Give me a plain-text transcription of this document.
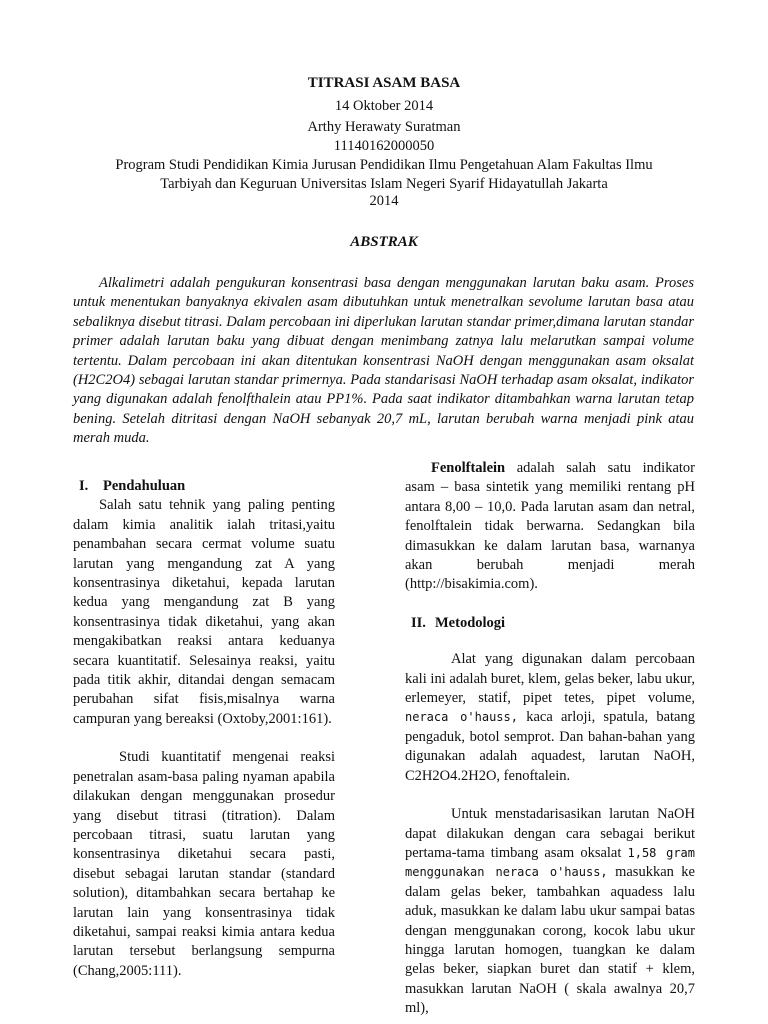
TITRASI ASAM BASA
14 Oktober 2014
Arthy Herawaty Suratman
11140162000050
Program Studi Pendidikan Kimia Jurusan Pendidikan Ilmu Pengetahuan Alam Fakultas Ilmu
Tarbiyah dan Keguruan Universitas Islam Negeri Syarif Hidayatullah Jakarta
2014
ABSTRAK

Alkalimetri adalah pengukuran konsentrasi basa dengan menggunakan larutan baku asam. Proses untuk menentukan banyaknya ekivalen asam dibutuhkan untuk menetralkan sevolume larutan basa atau sebaliknya disebut titrasi. Dalam percobaan ini diperlukan larutan standar primer,dimana larutan standar primer adalah larutan baku yang dibuat dengan menimbang zatnya lalu melarutkan sampai volume tertentu. Dalam percobaan ini akan ditentukan konsentrasi NaOH dengan menggunakan asam oksalat (H2C2O4) sebagai larutan standar primernya. Pada standarisasi NaOH terhadap asam oksalat, indikator yang digunakan adalah fenolfthalein atau PP1%. Pada saat indikator ditambahkan warna larutan tetap bening. Setelah ditritasi dengan NaOH sebanyak 20,7 mL, larutan berubah warna menjadi pink atau merah muda.

I. Pendahuluan

Salah satu tehnik yang paling penting dalam kimia analitik ialah tritasi,yaitu penambahan secara cermat volume suatu larutan yang mengandung zat A yang konsentrasinya diketahui, kepada larutan kedua yang mengandung zat B yang konsentrasinya tidak diketahui, yang akan mengakibatkan reaksi antara keduanya secara kuantitatif. Selesainya reaksi, yaitu pada titik akhir, ditandai dengan semacam perubahan sifat fisis,misalnya warna campuran yang bereaksi (Oxtoby,2001:161).

Studi kuantitatif mengenai reaksi penetralan asam-basa paling nyaman apabila dilakukan dengan menggunakan prosedur yang disebut titrasi (titration). Dalam percobaan titrasi, suatu larutan yang konsentrasinya diketahui secara pasti, disebut sebagai larutan standar (standard solution), ditambahkan secara bertahap ke larutan lain yang konsentrasinya tidak diketahui, sampai reaksi kimia antara kedua larutan tersebut berlangsung sempurna (Chang,2005:111).

Fenolftalein adalah salah satu indikator asam – basa sintetik yang memiliki rentang pH antara 8,00 – 10,0. Pada larutan asam dan netral, fenolftalein tidak berwarna. Sedangkan bila dimasukkan ke dalam larutan basa, warnanya akan berubah menjadi merah (http://bisakimia.com).

II. Metodologi

Alat yang digunakan dalam percobaan kali ini adalah buret, klem, gelas beker, labu ukur, erlemeyer, statif, pipet tetes, pipet volume, neraca o'hauss, kaca arloji, spatula, batang pengaduk, botol semprot. Dan bahan-bahan yang digunakan adalah aquadest, larutan NaOH, C2H2O4.2H2O, fenoftalein.

Untuk menstadarisasikan larutan NaOH dapat dilakukan dengan cara sebagai berikut pertama-tama timbang asam oksalat 1,58 gram menggunakan neraca o'hauss, masukkan ke dalam gelas beker, tambahkan aquadess lalu aduk, masukkan ke dalam labu ukur sampai batas dengan menggunakan corong, kocok labu ukur hingga larutan homogen, tuangkan ke dalam gelas beker, siapkan buret dan statif + klem, masukkan larutan NaOH ( skala awalnya 20,7 ml),
